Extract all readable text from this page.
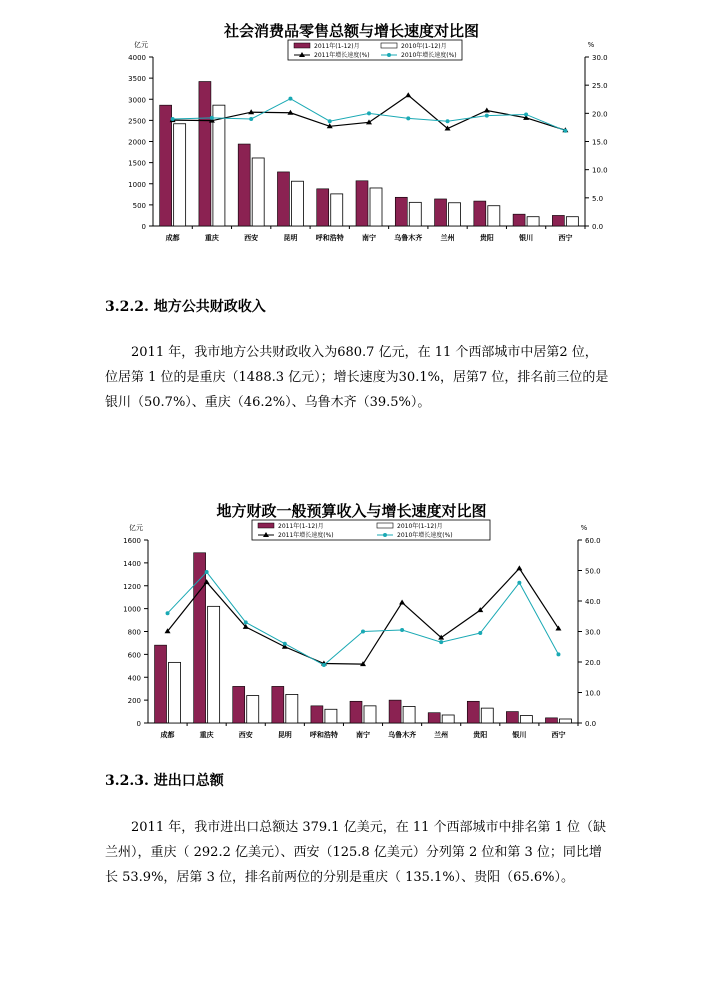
社会消费品零售总额与增长速度对比图
0
500
1000
1500
2000
2500
3000
3500
4000
0.0
5.0
10.0
15.0
20.0
25.0
30.0
亿元	%
成都	重庆	西安	昆明	呼和浩特	南宁	乌鲁木齐	兰州	贵阳	银川	西宁
2011年(1-12)月	2010年(1-12)月
2011年增长速度(%)	2010年增长速度(%)
3.2.2. 地方公共财政收入

2011 年，我市地方公共财政收入为680.7 亿元，在 11 个西部城市中居第2 位，位居第 1 位的是重庆（1488.3 亿元）；增长速度为30.1%，居第7 位，排名前三位的是银川（50.7%）、重庆（46.2%）、乌鲁木齐（39.5%）。

地方财政一般预算收入与增长速度对比图
0
200
400
600
800
1000
1200
1400
1600
0.0
10.0
20.0
30.0
40.0
50.0
60.0
亿元	%
成都	重庆	西安	昆明	呼和浩特	南宁	乌鲁木齐	兰州	贵阳	银川	西宁
2011年(1-12)月	2010年(1-12)月
2011年增长速度(%)	2010年增长速度(%)
3.2.3. 进出口总额

2011 年，我市进出口总额达 379.1 亿美元，在 11 个西部城市中排名第 1 位（缺兰州），重庆（ 292.2 亿美元）、西安（125.8 亿美元）分列第 2 位和第 3 位；同比增长 53.9%，居第 3 位，排名前两位的分别是重庆（ 135.1%）、贵阳（65.6%）。
